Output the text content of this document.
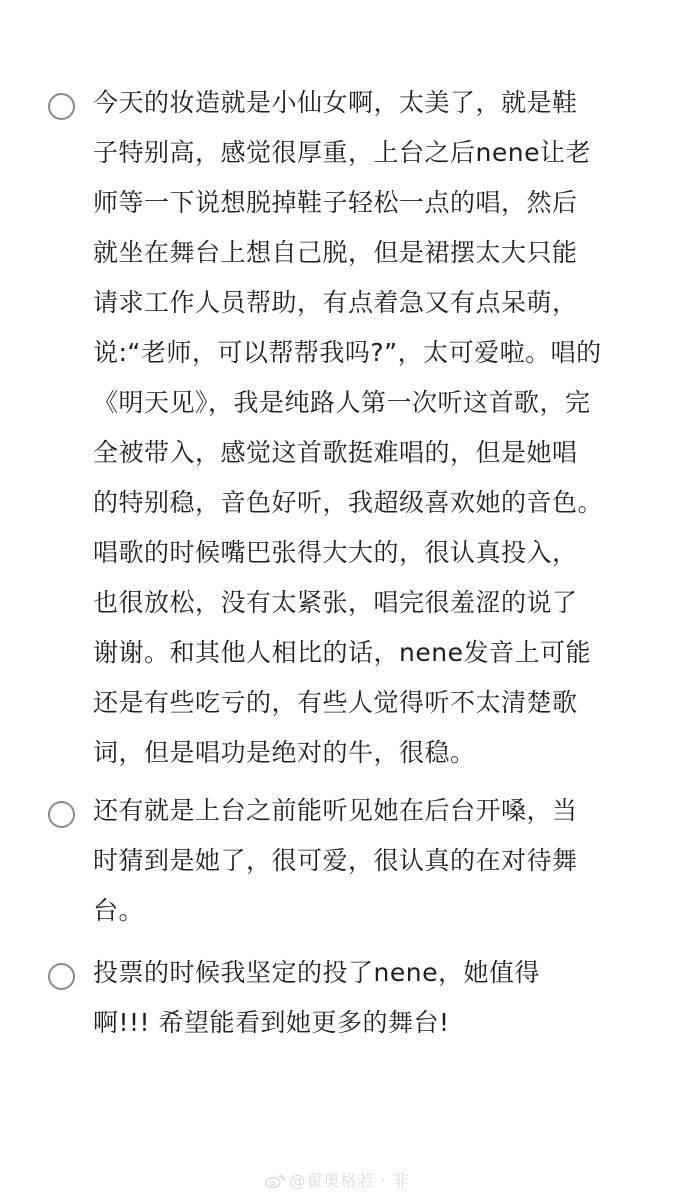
今天的妆造就是小仙女啊，太美了，就是鞋
子特别高，感觉很厚重，上台之后nene让老
师等一下说想脱掉鞋子轻松一点的唱，然后
就坐在舞台上想自己脱，但是裙摆太大只能
请求工作人员帮助，有点着急又有点呆萌，
说:“老师，可以帮帮我吗?”，太可爱啦。唱的
《明天见》，我是纯路人第一次听这首歌，完
全被带入，感觉这首歌挺难唱的，但是她唱
的特别稳，音色好听，我超级喜欢她的音色。
唱歌的时候嘴巴张得大大的，很认真投入，
也很放松，没有太紧张，唱完很羞涩的说了
谢谢。和其他人相比的话，nene发音上可能
还是有些吃亏的，有些人觉得听不太清楚歌
词，但是唱功是绝对的牛，很稳。
还有就是上台之前能听见她在后台开嗓，当
时猜到是她了，很可爱，很认真的在对待舞
台。
投票的时候我坚定的投了nene，她值得
啊!!! 希望能看到她更多的舞台!
@翟奥格若 · 非
